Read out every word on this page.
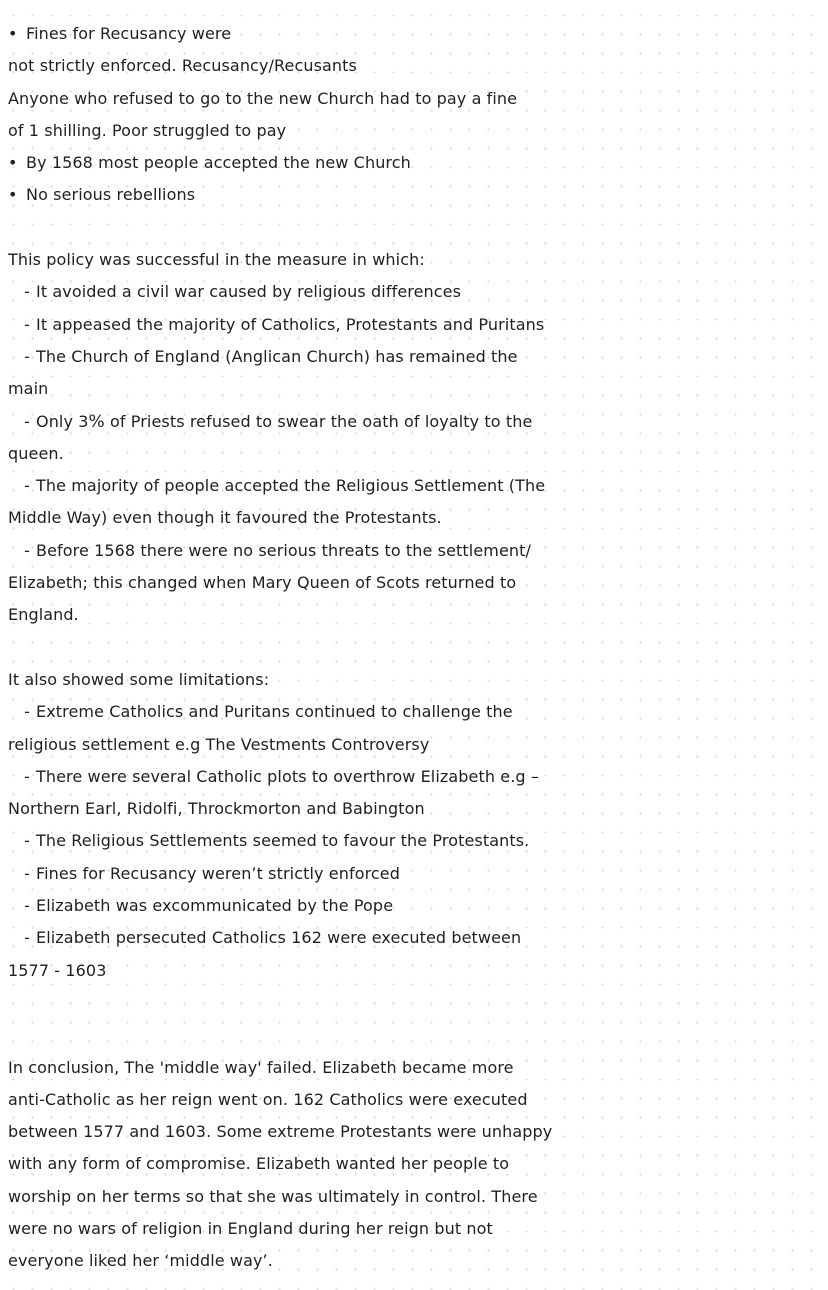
• Fines for Recusancy were
not strictly enforced. Recusancy/Recusants
Anyone who refused to go to the new Church had to pay a fine
of 1 shilling. Poor struggled to pay
• By 1568 most people accepted the new Church
• No serious rebellions
This policy was successful in the measure in which:
- It avoided a civil war caused by religious differences
- It appeased the majority of Catholics, Protestants and Puritans
- The Church of England (Anglican Church) has remained the
main
- Only 3% of Priests refused to swear the oath of loyalty to the
queen.
- The majority of people accepted the Religious Settlement (The
Middle Way) even though it favoured the Protestants.
- Before 1568 there were no serious threats to the settlement/
Elizabeth; this changed when Mary Queen of Scots returned to
England.
It also showed some limitations:
- Extreme Catholics and Puritans continued to challenge the
religious settlement e.g The Vestments Controversy
- There were several Catholic plots to overthrow Elizabeth e.g –
Northern Earl, Ridolfi, Throckmorton and Babington
- The Religious Settlements seemed to favour the Protestants.
- Fines for Recusancy weren’t strictly enforced
- Elizabeth was excommunicated by the Pope
- Elizabeth persecuted Catholics 162 were executed between
1577 - 1603
In conclusion, The 'middle way' failed. Elizabeth became more
anti-Catholic as her reign went on. 162 Catholics were executed
between 1577 and 1603. Some extreme Protestants were unhappy
with any form of compromise. Elizabeth wanted her people to
worship on her terms so that she was ultimately in control. There
were no wars of religion in England during her reign but not
everyone liked her ‘middle way’.
